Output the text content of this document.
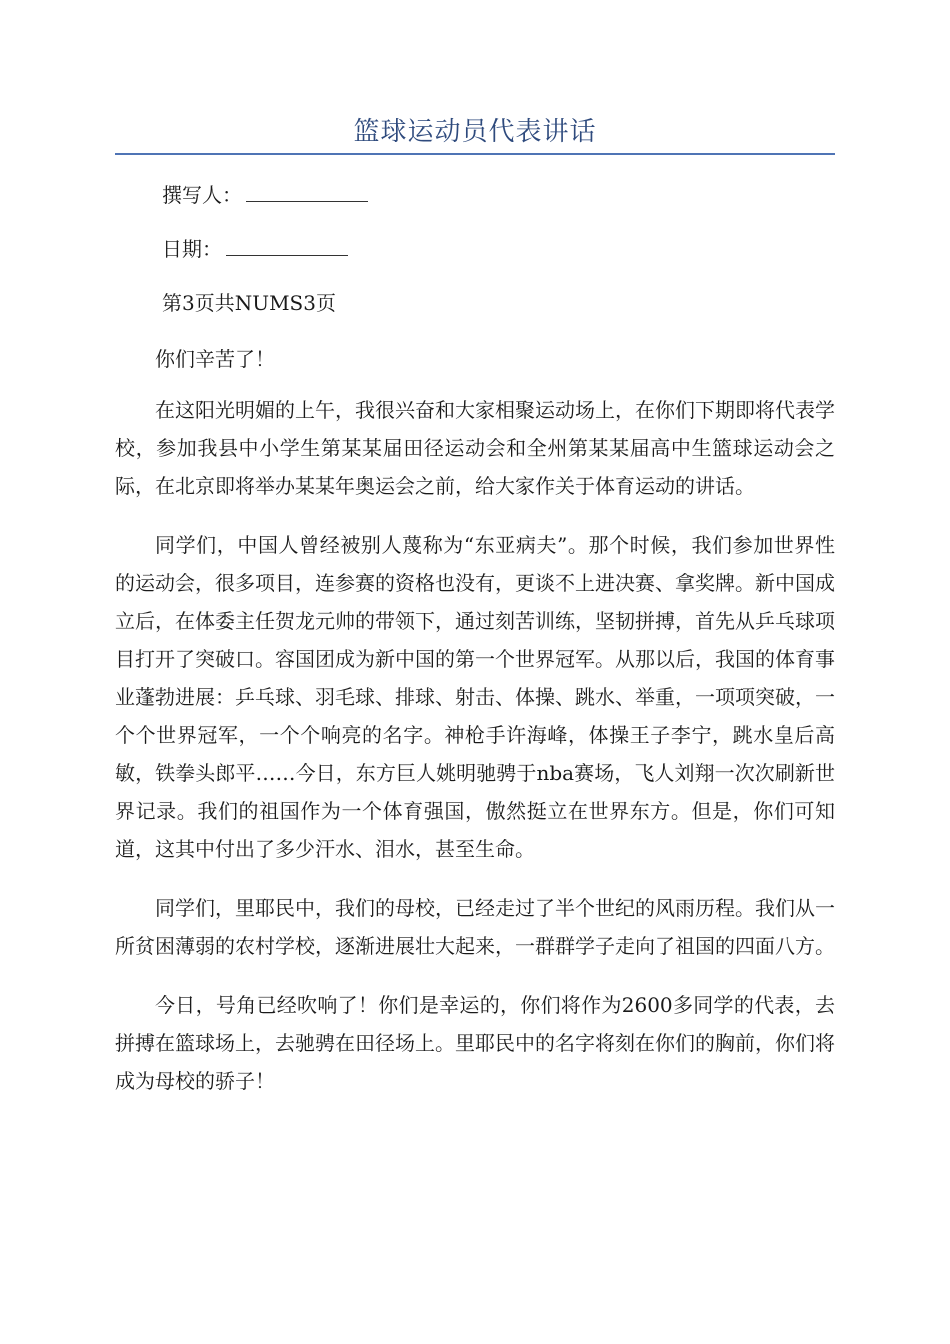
篮球运动员代表讲话
撰写人：
日期：
第3页共NUMS3页

你们辛苦了！

在这阳光明媚的上午，我很兴奋和大家相聚运动场上，在你们下期即将代表学校，参加我县中小学生第某某届田径运动会和全州第某某届高中生篮球运动会之际，在北京即将举办某某年奥运会之前，给大家作关于体育运动的讲话。

同学们，中国人曾经被别人蔑称为“东亚病夫”。那个时候，我们参加世界性的运动会，很多项目，连参赛的资格也没有，更谈不上进决赛、拿奖牌。新中国成立后，在体委主任贺龙元帅的带领下，通过刻苦训练，坚韧拼搏，首先从乒乓球项目打开了突破口。容国团成为新中国的第一个世界冠军。从那以后，我国的体育事业蓬勃进展：乒乓球、羽毛球、排球、射击、体操、跳水、举重，一项项突破，一个个世界冠军，一个个响亮的名字。神枪手许海峰，体操王子李宁，跳水皇后高敏，铁拳头郎平……今日，东方巨人姚明驰骋于nba赛场，飞人刘翔一次次刷新世界记录。我们的祖国作为一个体育强国，傲然挺立在世界东方。但是，你们可知道，这其中付出了多少汗水、泪水，甚至生命。

同学们，里耶民中，我们的母校，已经走过了半个世纪的风雨历程。我们从一所贫困薄弱的农村学校，逐渐进展壮大起来，一群群学子走向了祖国的四面八方。

今日，号角已经吹响了！你们是幸运的，你们将作为2600多同学的代表，去拼搏在篮球场上，去驰骋在田径场上。里耶民中的名字将刻在你们的胸前，你们将成为母校的骄子！
